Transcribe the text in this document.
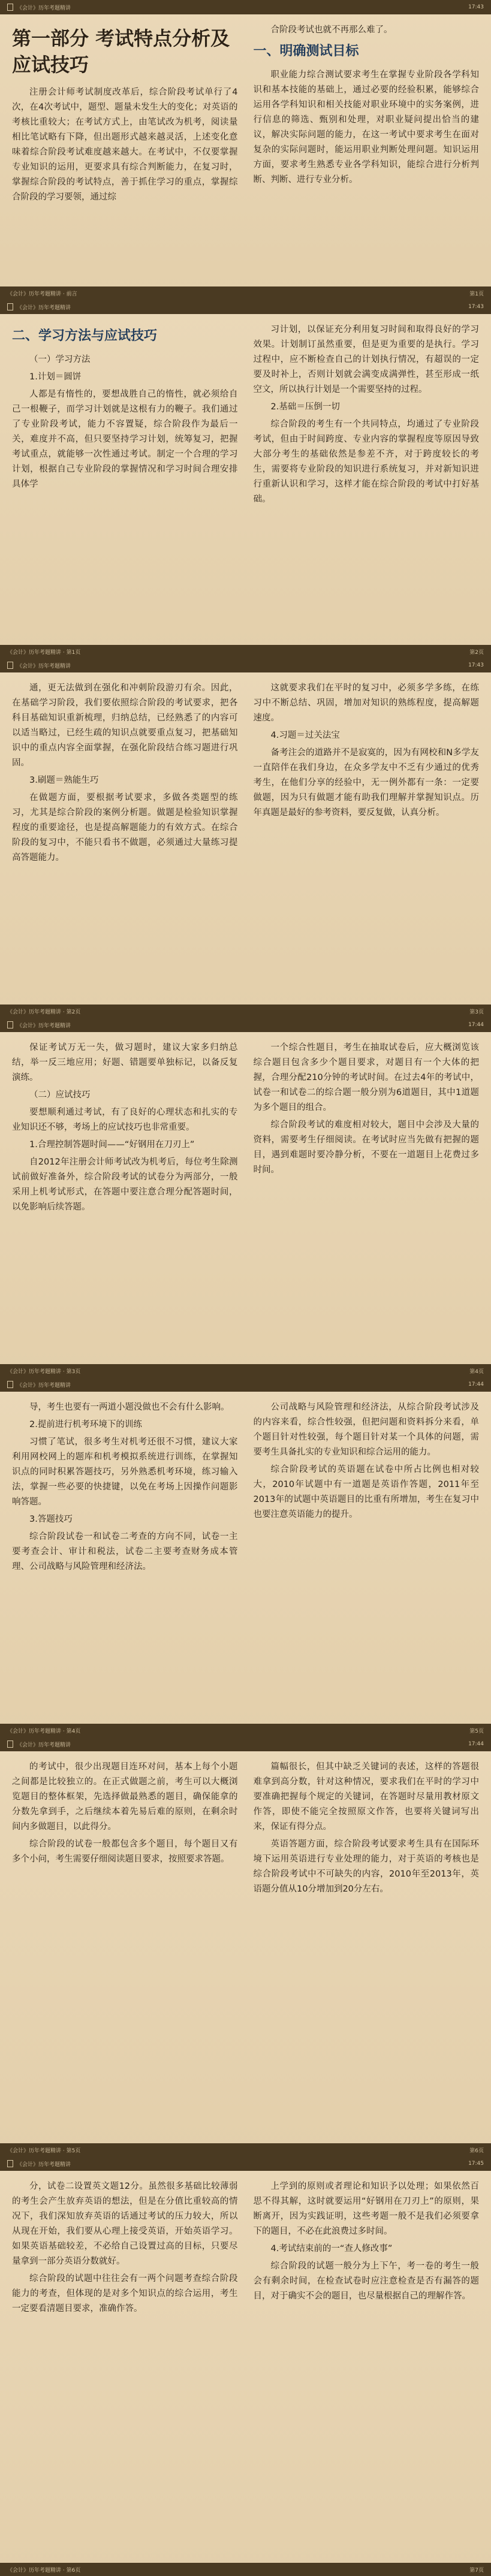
《会计》历年考题精讲	17:43
第一部分 考试特点分析及应试技巧
注册会计师考试制度改革后，综合阶段考试单行了4次，在4次考试中，题型、题量未发生大的变化；对英语的考核比重较大；在考试方式上，由笔试改为机考，阅读量相比笔试略有下降，但出题形式越来越灵活，上述变化意味着综合阶段考试难度越来越大。在考试中，不仅要掌握专业知识的运用，更要求具有综合判断能力，在复习时，掌握综合阶段的考试特点，善于抓住学习的重点，掌握综合阶段的学习要领，通过综
合阶段考试也就不再那么难了。
一、明确测试目标
职业能力综合测试要求考生在掌握专业阶段各学科知识和基本技能的基础上，通过必要的经验积累，能够综合运用各学科知识和相关技能对职业环境中的实务案例，进行信息的筛选、甄别和处理，对职业疑问提出恰当的建议，解决实际问题的能力，在这一考试中要求考生在面对复杂的实际问题时，能运用职业判断处理问题。知识运用方面，要求考生熟悉专业各学科知识，能综合进行分析判断、判断、进行专业分析。
《会计》历年考题精讲 · 前言	第1页
《会计》历年考题精讲	17:43
二、学习方法与应试技巧
（一）学习方法
1.计划＝圆饼
人都是有惰性的，要想战胜自己的惰性，就必须给自己一根鞭子，而学习计划就是这根有力的鞭子。我们通过了专业阶段考试，能力不容置疑，综合阶段作为最后一关，难度并不高，但只要坚持学习计划，统筹复习，把握考试重点，就能够一次性通过考试。制定一个合理的学习计划，根据自己专业阶段的掌握情况和学习时间合理安排具体学
习计划，以保证充分利用复习时间和取得良好的学习效果。计划制订虽然重要，但是更为重要的是执行。学习过程中，应不断检查自己的计划执行情况，有超误的一定要及时补上，否则计划就会满变成满弹性，甚至形成一纸空文，所以执行计划是一个需要坚持的过程。
2.基础＝压倒一切
综合阶段的考生有一个共同特点，均通过了专业阶段考试，但由于时间跨度、专业内容的掌握程度等原因导致大部分考生的基础依然是参差不齐，对于跨度较长的考生，需要将专业阶段的知识进行系统复习，并对新知识进行重新认识和学习，这样才能在综合阶段的考试中打好基础。
《会计》历年考题精讲 · 第1页	第2页
《会计》历年考题精讲	17:43
通，更无法做到在强化和冲刺阶段游刃有余。因此，在基础学习阶段，我们要依照综合阶段的考试要求，把各科目基础知识重新梳理，归纳总结，已经熟悉了的内容可以适当略过，已经生疏的知识点就要重点复习，把基础知识中的重点内容全面掌握，在强化阶段结合练习题进行巩固。
3.刷题＝熟能生巧
在做题方面，要根据考试要求，多做各类题型的练习，尤其是综合阶段的案例分析题。做题是检验知识掌握程度的重要途径，也是提高解题能力的有效方式。在综合阶段的复习中，不能只看书不做题，必须通过大量练习提高答题能力。
这就要求我们在平时的复习中，必须多学多练，在练习中不断总结、巩固，增加对知识的熟练程度，提高解题速度。
4.习题＝过关法宝
备考注会的道路并不是寂寞的，因为有网校和N多学友一直陪伴在我们身边，在众多学友中不乏有少通过的优秀考生，在他们分享的经验中，无一例外都有一条：一定要做题，因为只有做题才能有助我们理解并掌握知识点。历年真题是最好的参考资料，要反复做，认真分析。
《会计》历年考题精讲 · 第2页	第3页
《会计》历年考题精讲	17:44
保证考试万无一失，做习题时，建议大家多归纳总结，举一反三地应用；好题、错题要单独标记，以备反复演练。
（二）应试技巧
要想顺利通过考试，有了良好的心理状态和扎实的专业知识还不够，考场上的应试技巧也非常重要。
1.合理控制答题时间——“好钢用在刀刃上”
自2012年注册会计师考试改为机考后，每位考生除测试前做好准备外，综合阶段考试的试卷分为两部分，一般采用上机考试形式，在答题中要注意合理分配答题时间，以免影响后续答题。
一个综合性题目，考生在抽取试卷后，应大概浏览该综合题目包含多少个题目要求，对题目有一个大体的把握，合理分配210分钟的考试时间。在过去4年的考试中，试卷一和试卷二的综合题一般分别为6道题目，其中1道题为多个题目的组合。
综合阶段考试的难度相对较大，题目中会涉及大量的资料，需要考生仔细阅读。在考试时应当先做有把握的题目，遇到难题时要冷静分析，不要在一道题目上花费过多时间。
《会计》历年考题精讲 · 第3页	第4页
《会计》历年考题精讲	17:44
导，考生也要有一两道小题没做也不会有什么影响。
2.提前进行机考环境下的训练
习惯了笔试，很多考生对机考还很不习惯，建议大家利用网校网上的题库和机考模拟系统进行训练，在掌握知识点的同时积累答题技巧，另外熟悉机考环境，练习输入法，掌握一些必要的快捷键，以免在考场上因操作问题影响答题。
3.答题技巧
综合阶段试卷一和试卷二考查的方向不同，试卷一主要考查会计、审计和税法，试卷二主要考查财务成本管理、公司战略与风险管理和经济法。
公司战略与风险管理和经济法，从综合阶段考试涉及的内容来看，综合性较强，但把问题和资料拆分来看，单个题目针对性较强，每个题目针对某一个具体的问题，需要考生具备扎实的专业知识和综合运用的能力。
综合阶段考试的英语题在试卷中所占比例也相对较大，2010年试题中有一道题是英语作答题，2011年至2013年的试题中英语题目的比重有所增加，考生在复习中也要注意英语能力的提升。
《会计》历年考题精讲 · 第4页	第5页
《会计》历年考题精讲	17:44
的考试中，很少出现题目连环对问，基本上每个小题之间都是比较独立的。在正式做题之前，考生可以大概浏览题目的整体框架，先选择做最熟悉的题目，确保能拿的分数先拿到手，之后继续本着先易后难的原则，在剩余时间内多做题目，以此得分。
综合阶段的试卷一般都包含多个题目，每个题目又有多个小问，考生需要仔细阅读题目要求，按照要求答题。
篇幅很长，但其中缺乏关键词的表述，这样的答题很难拿到高分数，针对这种情况，要求我们在平时的学习中要准确把握每个规定的关键词，在答题时尽量用教材原文作答，即使不能完全按照原文作答，也要将关键词写出来，保证有得分点。
英语答题方面，综合阶段考试要求考生具有在国际环境下运用英语进行专业处理的能力，对于英语的考核也是综合阶段考试中不可缺失的内容，2010年至2013年，英语题分值从10分增加到20分左右。
《会计》历年考题精讲 · 第5页	第6页
《会计》历年考题精讲	17:45
分，试卷二设置英文题12分。虽然很多基础比较薄弱的考生会产生放弃英语的想法，但是在分值比重较高的情况下，我们深知放弃英语的话通过考试的压力较大，所以从现在开始，我们要从心理上接受英语，开始英语学习。如果英语基础较差，不必给自己设置过高的目标，只要尽量拿到一部分英语分数就好。
综合阶段的试题中往往会有一两个问题考查综合阶段能力的考查，但体现的是对多个知识点的综合运用，考生一定要看清题目要求，准确作答。
上学到的原则或者理论和知识予以处理；如果依然百思不得其解，这时就要运用“好钢用在刀刃上”的原则，果断离开，因为实践证明，这些考题一般不是我们必须要拿下的题目，不必在此浪费过多时间。
4.考试结束前的一“查人修改事”
综合阶段的试题一般分为上下午，考一卷的考生一般会有剩余时间，在检查试卷时应注意检查是否有漏答的题目，对于确实不会的题目，也尽量根据自己的理解作答。
《会计》历年考题精讲 · 第6页	第7页
